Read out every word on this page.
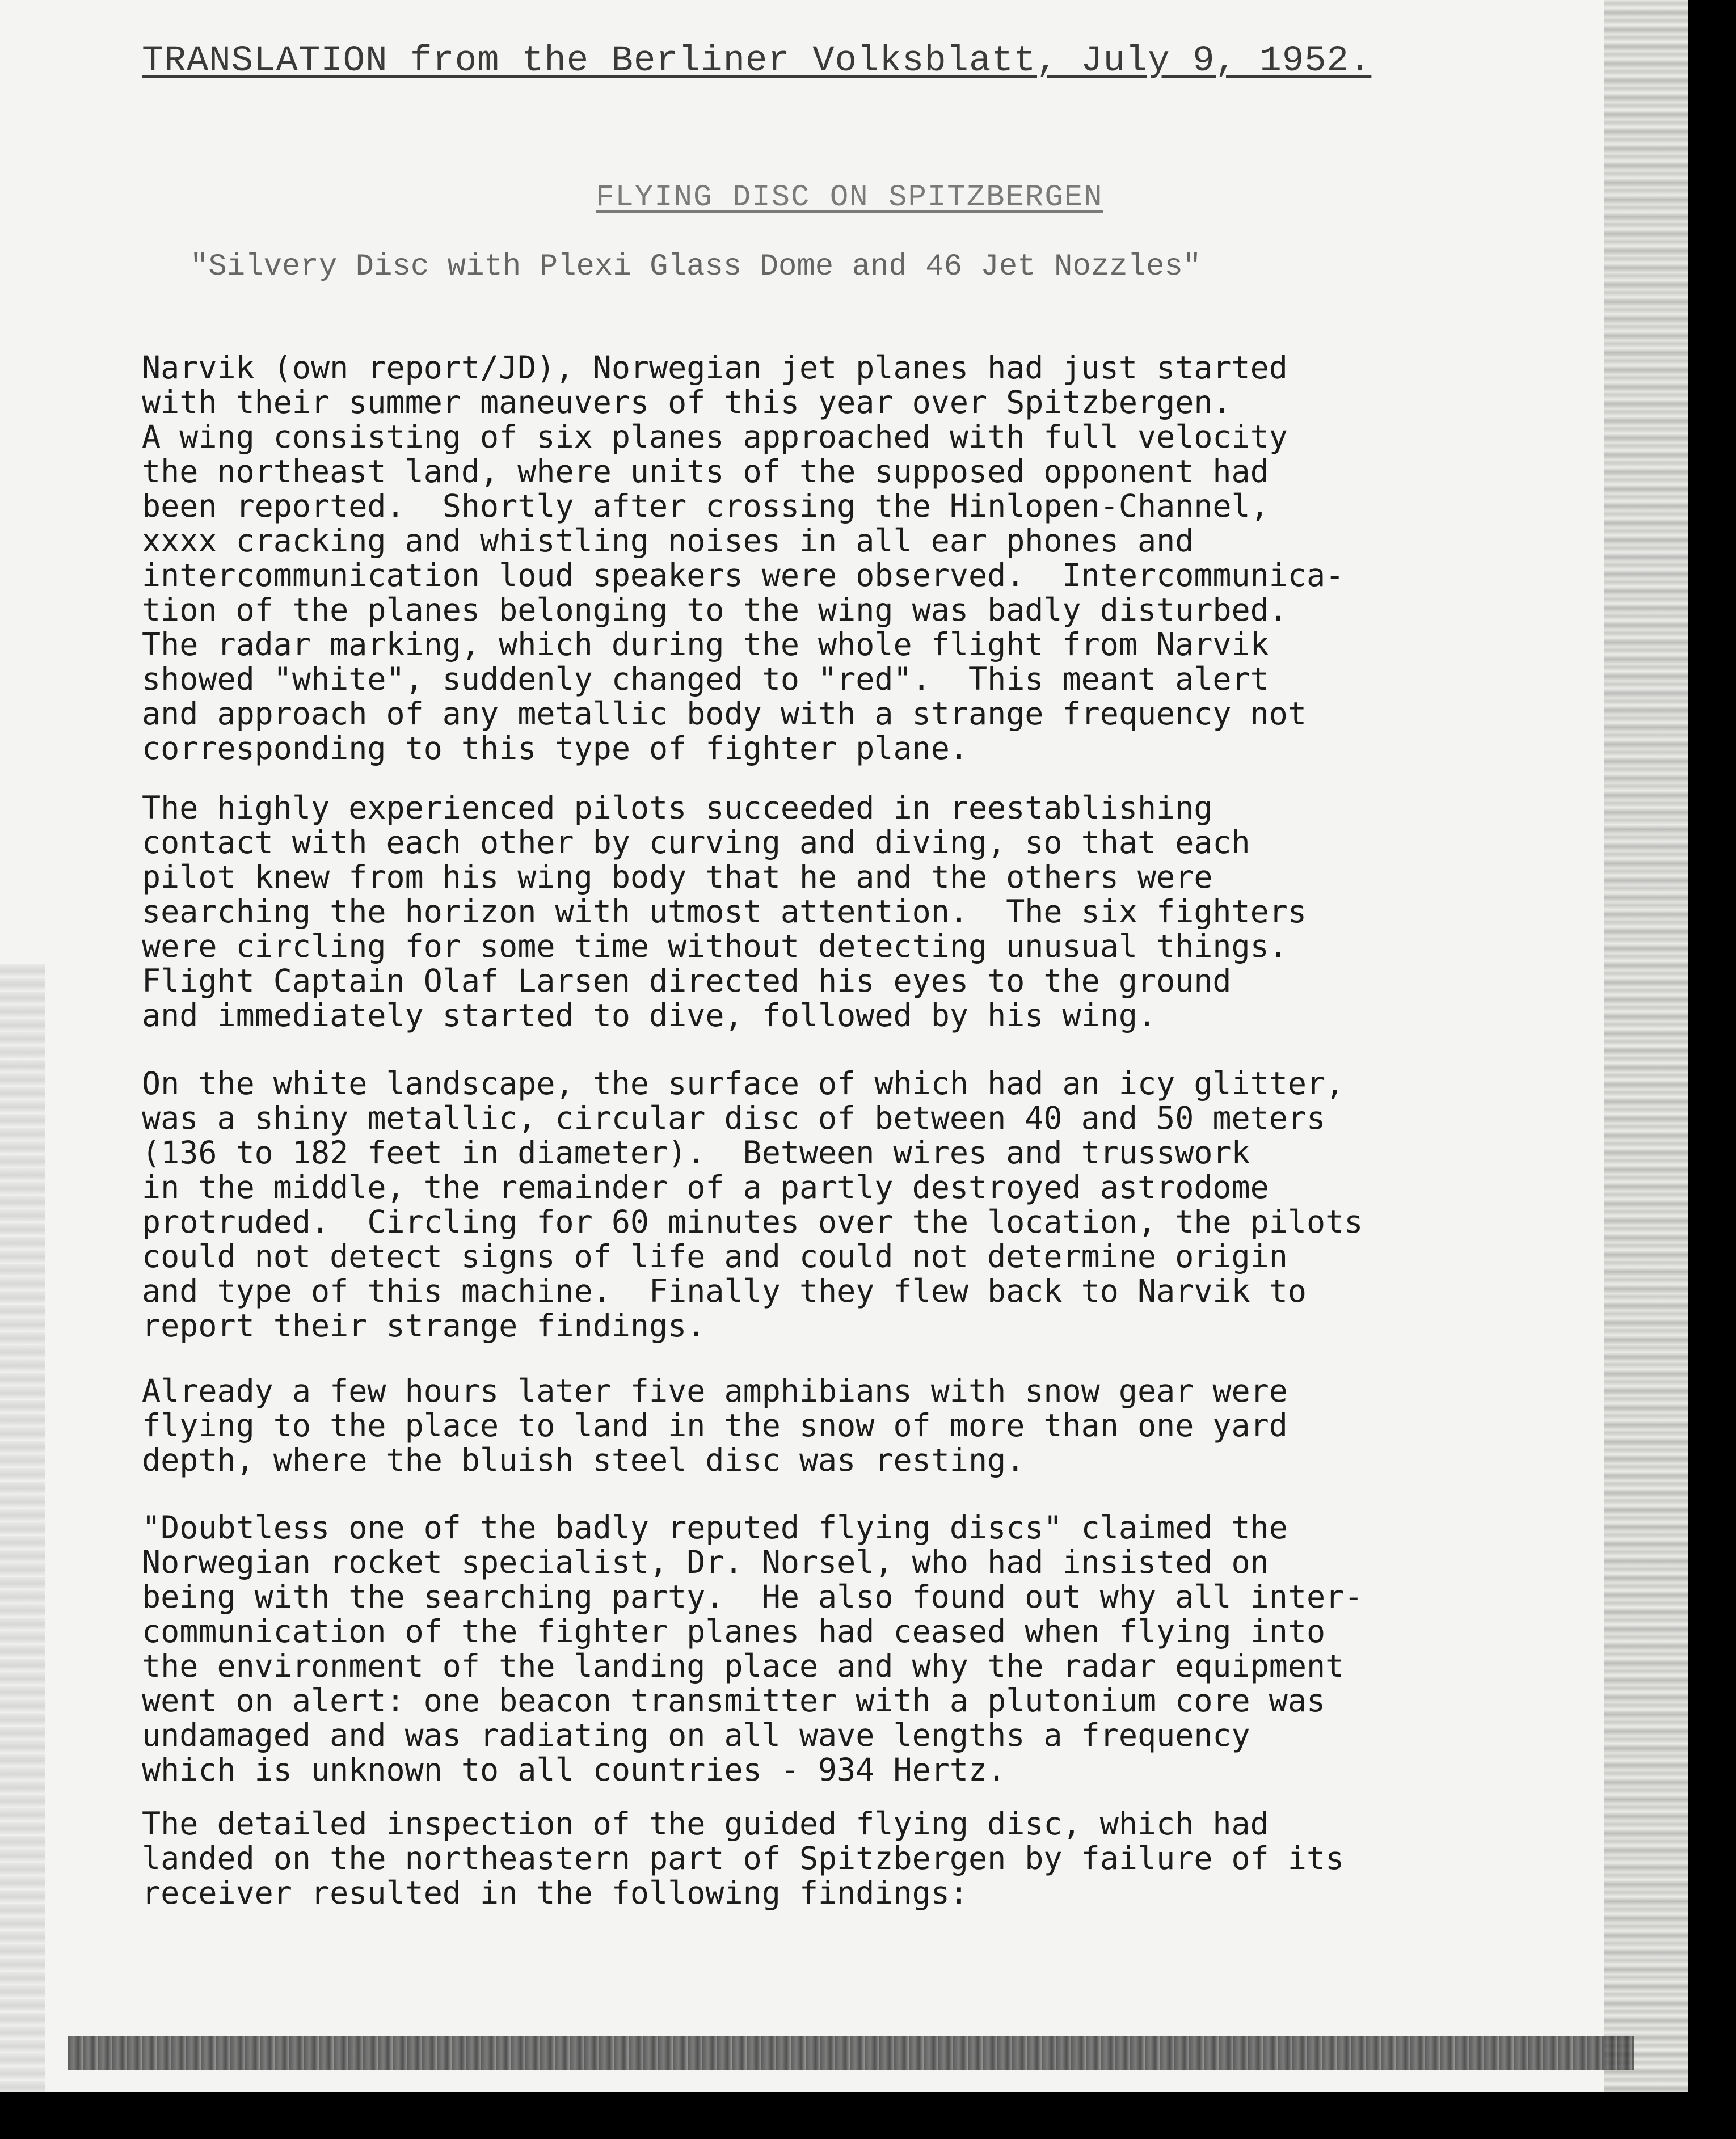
TRANSLATION from the Berliner Volksblatt, July 9, 1952.
FLYING DISC ON SPITZBERGEN
"Silvery Disc with Plexi Glass Dome and 46 Jet Nozzles"
Narvik (own report/JD), Norwegian jet planes had just started
with their summer maneuvers of this year over Spitzbergen.
A wing consisting of six planes approached with full velocity
the northeast land, where units of the supposed opponent had
been reported.  Shortly after crossing the Hinlopen-Channel,
xxxx cracking and whistling noises in all ear phones and
intercommunication loud speakers were observed.  Intercommunica-
tion of the planes belonging to the wing was badly disturbed.
The radar marking, which during the whole flight from Narvik
showed "white", suddenly changed to "red".  This meant alert
and approach of any metallic body with a strange frequency not
corresponding to this type of fighter plane.
The highly experienced pilots succeeded in reestablishing
contact with each other by curving and diving, so that each
pilot knew from his wing body that he and the others were
searching the horizon with utmost attention.  The six fighters
were circling for some time without detecting unusual things.
Flight Captain Olaf Larsen directed his eyes to the ground
and immediately started to dive, followed by his wing.
On the white landscape, the surface of which had an icy glitter,
was a shiny metallic, circular disc of between 40 and 50 meters
(136 to 182 feet in diameter).  Between wires and trusswork
in the middle, the remainder of a partly destroyed astrodome
protruded.  Circling for 60 minutes over the location, the pilots
could not detect signs of life and could not determine origin
and type of this machine.  Finally they flew back to Narvik to
report their strange findings.
Already a few hours later five amphibians with snow gear were
flying to the place to land in the snow of more than one yard
depth, where the bluish steel disc was resting.
"Doubtless one of the badly reputed flying discs" claimed the
Norwegian rocket specialist, Dr. Norsel, who had insisted on
being with the searching party.  He also found out why all inter-
communication of the fighter planes had ceased when flying into
the environment of the landing place and why the radar equipment
went on alert: one beacon transmitter with a plutonium core was
undamaged and was radiating on all wave lengths a frequency
which is unknown to all countries - 934 Hertz.
The detailed inspection of the guided flying disc, which had
landed on the northeastern part of Spitzbergen by failure of its
receiver resulted in the following findings:
